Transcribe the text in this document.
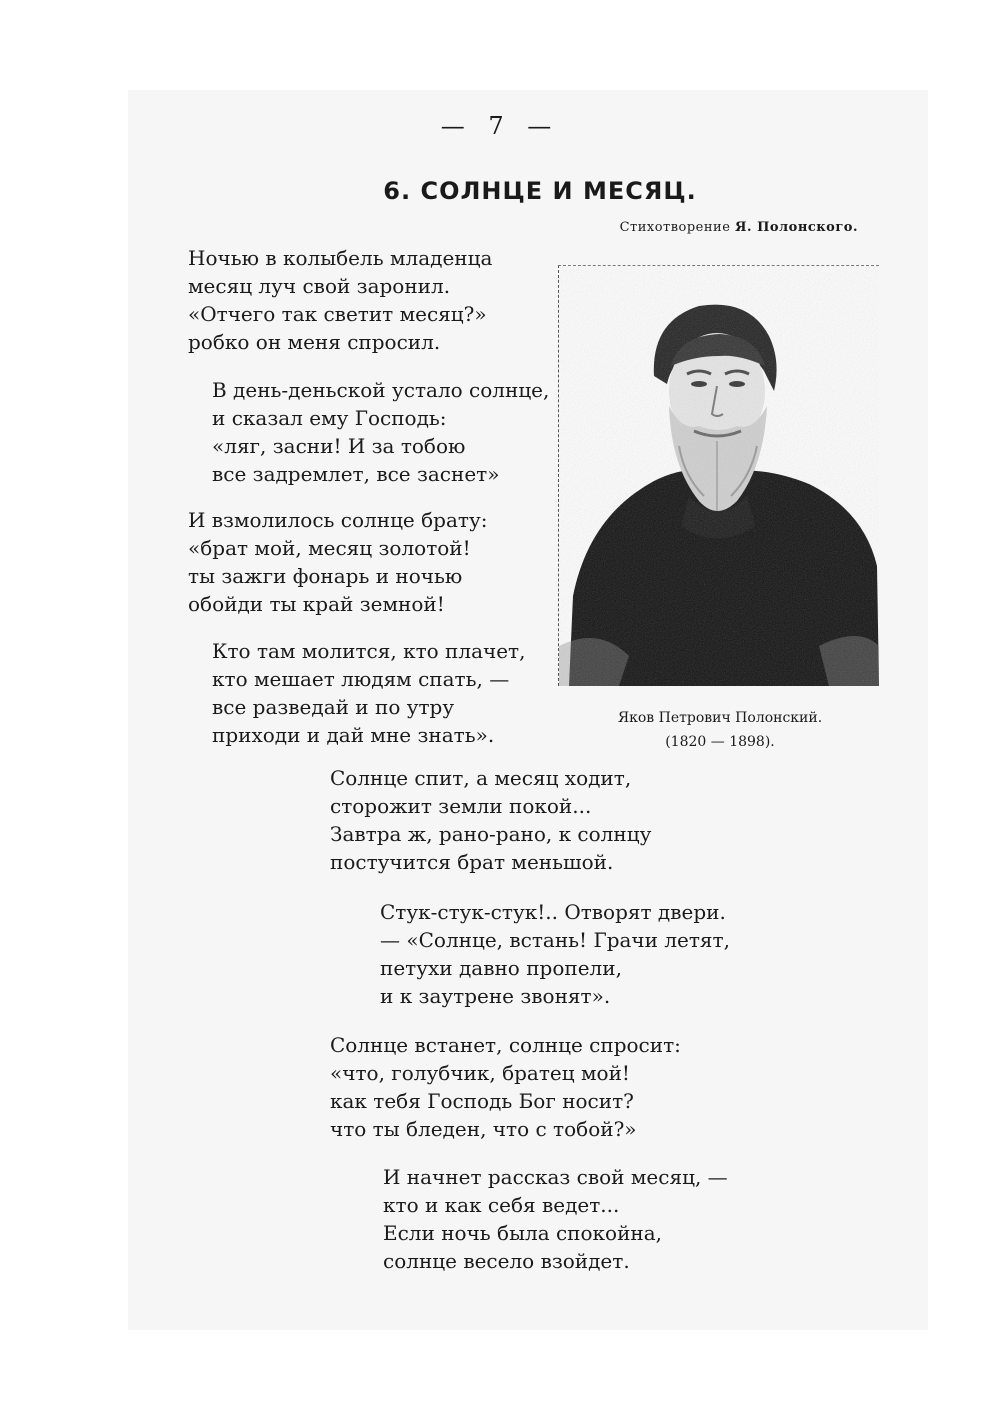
— 7 —
6. СОЛНЦЕ И МЕСЯЦ.
Стихотворение Я. Полонского.
Ночью в колыбель младенца
месяц луч свой заронил.
«Отчего так светит месяц?»
робко он меня спросил.
В день-деньской устало солнце,
и сказал ему Господь:
«ляг, засни! И за тобою
все задремлет, все заснет»
И взмолилось солнце брату:
«брат мой, месяц золотой!
ты зажги фонарь и ночью
обойди ты край земной!
Кто там молится, кто плачет,
кто мешает людям спать, —
все разведай и по утру
приходи и дай мне знать».
Яков Петрович Полонский.
(1820 — 1898).
Солнце спит, а месяц ходит,
сторожит земли покой...
Завтра ж, рано-рано, к солнцу
постучится брат меньшой.
Стук-стук-стук!.. Отворят двери.
— «Солнце, встань! Грачи летят,
петухи давно пропели,
и к заутрене звонят».
Солнце встанет, солнце спросит:
«что, голубчик, братец мой!
как тебя Господь Бог носит?
что ты бледен, что с тобой?»
И начнет рассказ свой месяц, —
кто и как себя ведет...
Если ночь была спокойна,
солнце весело взойдет.
